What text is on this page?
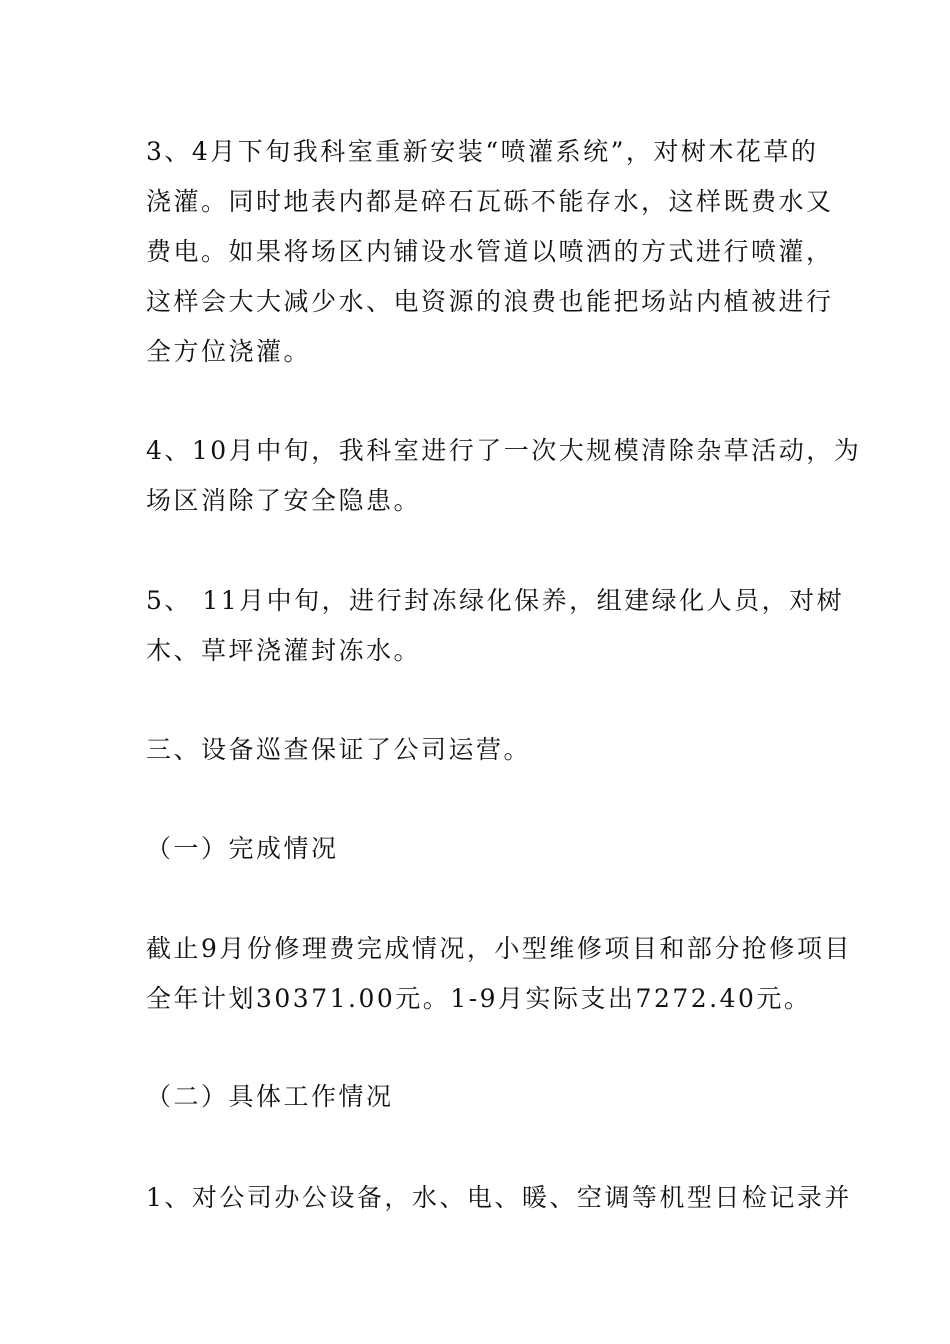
3、4月下旬我科室重新安装“喷灌系统”，对树木花草的
浇灌。同时地表内都是碎石瓦砾不能存水，这样既费水又
费电。如果将场区内铺设水管道以喷洒的方式进行喷灌，
这样会大大减少水、电资源的浪费也能把场站内植被进行
全方位浇灌。
4、10月中旬，我科室进行了一次大规模清除杂草活动，为
场区消除了安全隐患。
5、 11月中旬，进行封冻绿化保养，组建绿化人员，对树
木、草坪浇灌封冻水。
三、设备巡查保证了公司运营。
（一）完成情况
截止9月份修理费完成情况，小型维修项目和部分抢修项目
全年计划30371.00元。1-9月实际支出7272.40元。
（二）具体工作情况
1、对公司办公设备，水、电、暖、空调等机型日检记录并
